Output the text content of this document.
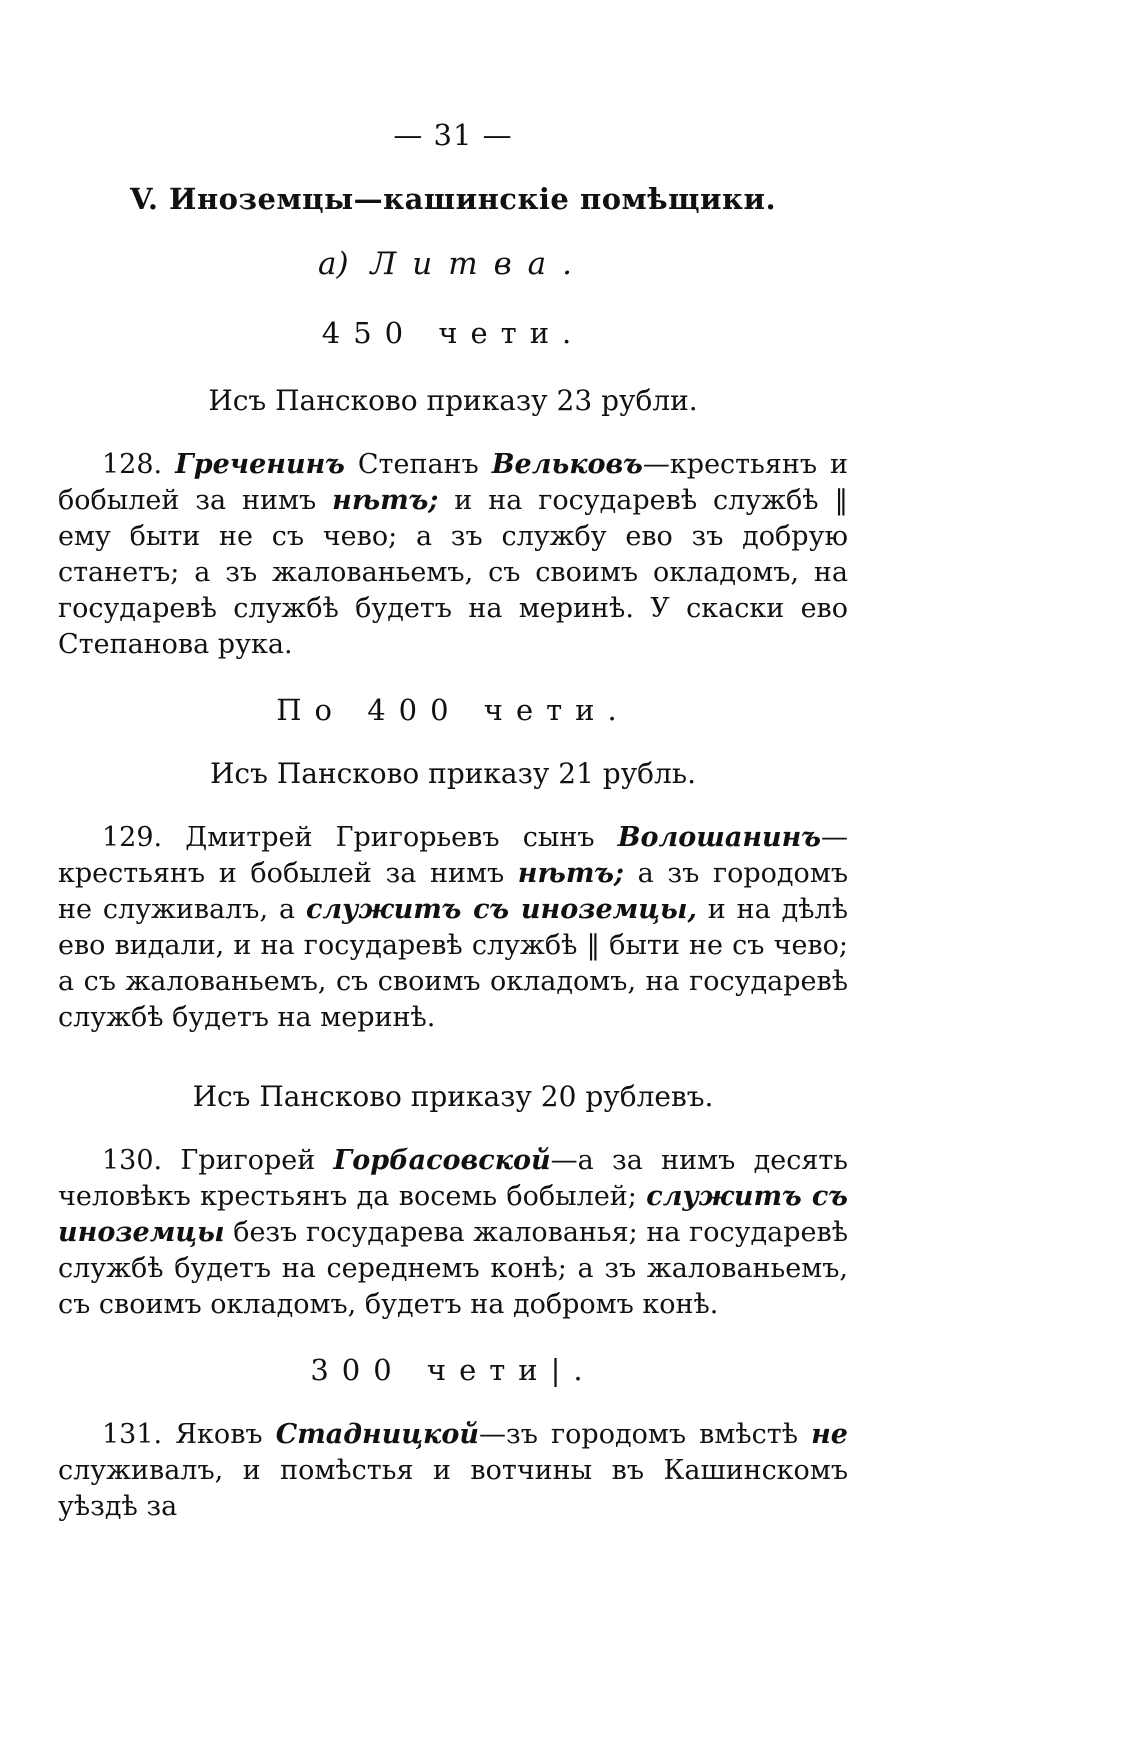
— 31 —
V. Иноземцы—кашинскіе помѣщики.
а) Литва.
450 чети.
Исъ Пансково приказу 23 рубли.

128. Греченинъ Степанъ Вельковъ—крестьянъ и бобылей за нимъ нѣтъ; и на государевѣ службѣ ‖ ему быти не съ чево; а зъ службу ево зъ добрую станетъ; а зъ жалованьемъ, съ своимъ окладомъ, на государевѣ службѣ будетъ на меринѣ. У скаски ево Степанова рука.

По 400 чети.
Исъ Пансково приказу 21 рубль.

129. Дмитрей Григорьевъ сынъ Волошанинъ—крестьянъ и бобылей за нимъ нѣтъ; а зъ городомъ не служивалъ, а служитъ съ иноземцы, и на дѣлѣ ево видали, и на государевѣ службѣ ‖ быти не съ чево; а съ жалованьемъ, съ своимъ окладомъ, на государевѣ службѣ будетъ на меринѣ.

Исъ Пансково приказу 20 рублевъ.

130. Григорей Горбасовской—а за нимъ десять человѣкъ крестьянъ да восемь бобылей; служитъ съ иноземцы безъ государева жалованья; на государевѣ службѣ будетъ на середнемъ конѣ; а зъ жалованьемъ, съ своимъ окладомъ, будетъ на добромъ конѣ.

300 чети|.

131. Яковъ Стадницкой—зъ городомъ вмѣстѣ не служивалъ, и помѣстья и вотчины въ Кашинскомъ уѣздѣ за
